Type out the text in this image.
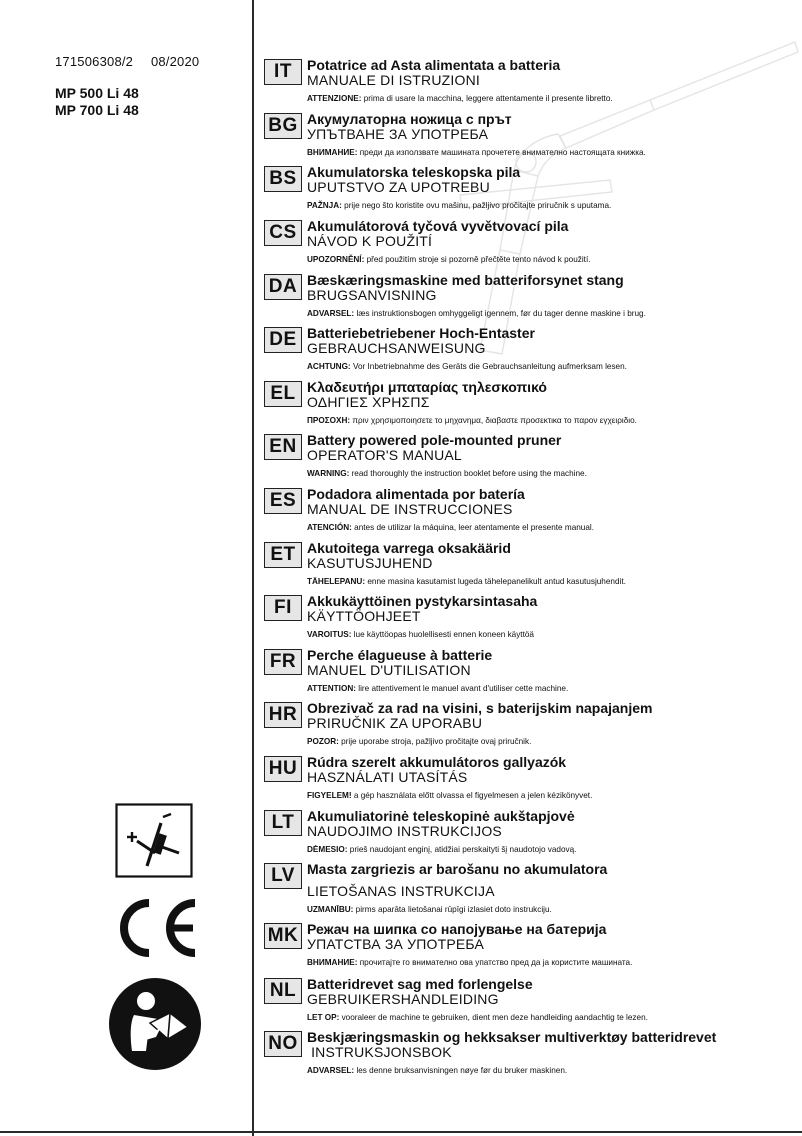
171506308/2 08/2020
MP 500 Li 48
MP 700 Li 48
IT	Potatrice ad Asta alimentata a batteria
MANUALE DI ISTRUZIONI
ATTENZIONE: prima di usare la macchina, leggere attentamente il presente libretto.
BG Акумулаторна ножица с прът
УПЪТВАНЕ ЗА УПОТРЕБА
ВНИМАНИЕ: преди да използвате машината прочетете внимателно настоящата книжка.
BS Akumulatorska teleskopska pila
UPUTSTVO ZA UPOTREBU
PAŽNJA: prije nego što koristite ovu mašinu, pažljivo pročitajte priručnik s uputama.
CS Akumulátorová tyčová vyvětvovací pila
NÁVOD K POUŽITÍ
UPOZORNĚNÍ: před použitím stroje si pozorně přečtěte tento návod k použití.
DA Bæskæringsmaskine med batteriforsynet stang
BRUGSANVISNING
ADVARSEL: læs instruktionsbogen omhyggeligt igennem, før du tager denne maskine i brug.
DE Batteriebetriebener Hoch-Entaster
GEBRAUCHSANWEISUNG
ACHTUNG: Vor Inbetriebnahme des Geräts die Gebrauchsanleitung aufmerksam lesen.
EL Κλαδευτήρι μπαταρίας τηλεσκοπικό
ΟΔΗΓΙΕΣ ΧΡΗΣΠΣ
ΠΡΟΣΟΧΗ: πριν χρησιμοποιησετε το μηχανημα, διαβαστε προσεκτικα το παρον εγχειριδιο.
EN Battery powered pole-mounted pruner
OPERATOR'S MANUAL
WARNING: read thoroughly the instruction booklet before using the machine.
ES Podadora alimentada por batería
MANUAL DE INSTRUCCIONES
ATENCIÓN: antes de utilizar la máquina, leer atentamente el presente manual.
ET Akutoitega varrega oksakäärid
KASUTUSJUHEND
TÄHELEPANU: enne masina kasutamist lugeda tähelepanelikult antud kasutusjuhendit.
FI	Akkukäyttöinen pystykarsintasaha
KÄYTTÖOHJEET
VAROITUS: lue käyttöopas huolellisesti ennen koneen käyttöä
FR Perche élagueuse à batterie
MANUEL D'UTILISATION
ATTENTION: lire attentivement le manuel avant d'utiliser cette machine.
HR Obrezivač za rad na visini, s baterijskim napajanjem
PRIRUČNIK ZA UPORABU
POZOR: prije uporabe stroja, pažljivo pročitajte ovaj priručnik.
HU Rúdra szerelt akkumulátoros gallyazók
HASZNÁLATI UTASÍTÁS
FIGYELEM! a gép használata előtt olvassa el figyelmesen a jelen kézikönyvet.
LT Akumuliatorinė teleskopinė aukštapjovė
NAUDOJIMO INSTRUKCIJOS
DĖMESIO: prieš naudojant enginį, atidžiai perskaityti šį naudotojo vadovą.
LV Masta zargriezis ar barošanu no akumulatora
LIETOŠANAS INSTRUKCIJA
UZMANĪBU: pirms aparāta lietošanai rūpīgi izlasiet doto instrukciju.
MK Режач на шипка со напојување на батерија
УПАТСТВА ЗА УПОТРЕБА
ВНИМАНИЕ: прочитајте го внимателно ова упатство пред да ја користите машината.
NL Batteridrevet sag med forlengelse
GEBRUIKERSHANDLEIDING
LET OP: vooraleer de machine te gebruiken, dient men deze handleiding aandachtig te lezen.
NO Beskjæringsmaskin og hekksakser multiverktøy batteridrevet
INSTRUKSJONSBOK
ADVARSEL: les denne bruksanvisningen nøye før du bruker maskinen.
